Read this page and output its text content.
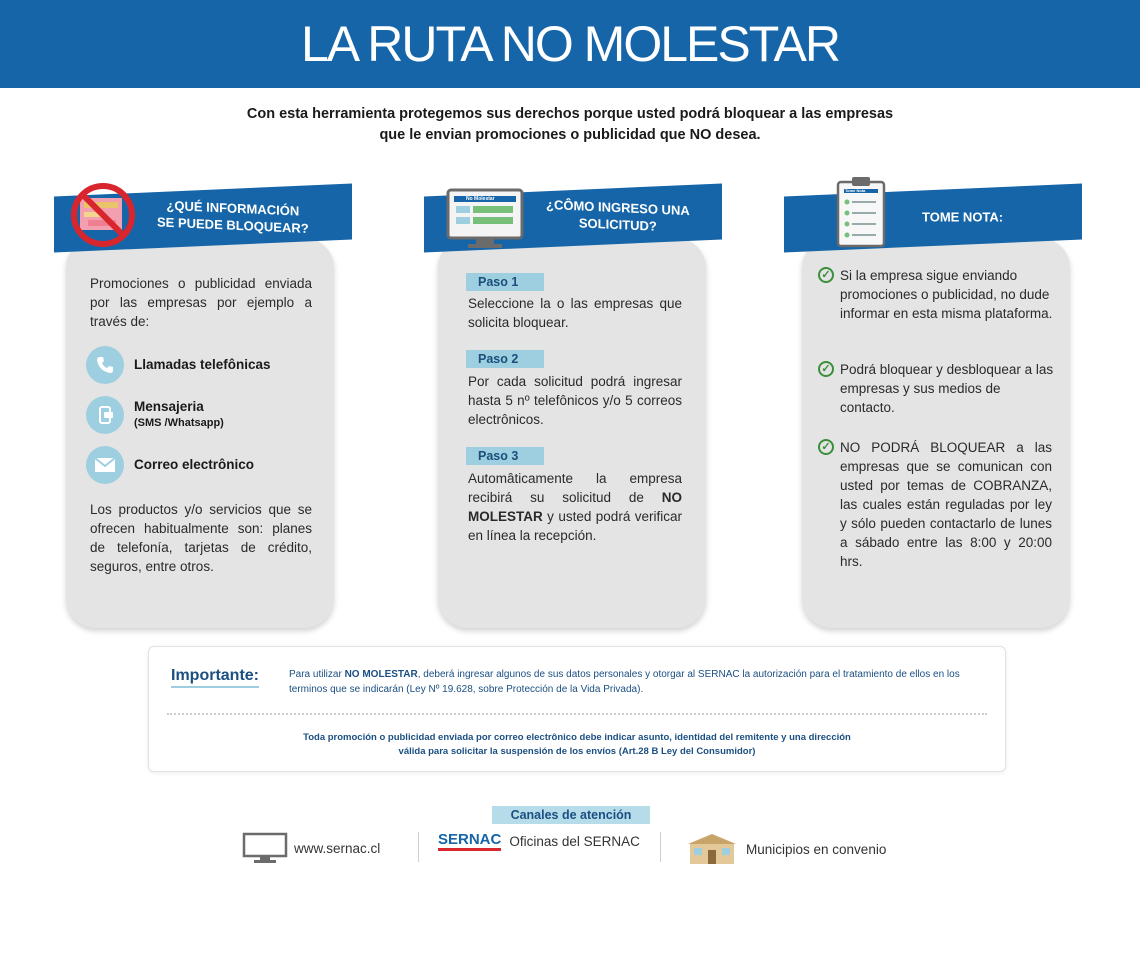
LA RUTA NO MOLESTAR

Con esta herramienta protegemos sus derechos porque usted podrá bloquear a las empresas

que le envian promociones o publicidad que NO desea.

¿QUÉ INFORMACIÓN
SE PUEDE BLOQUEAR?
Promociones o publicidad enviada por las empresas por ejemplo a través de:
Llamadas telefônicas
Mensajeria
(SMS /Whatsapp)
Correo electrônico
Los productos y/o servicios que se ofrecen habitualmente son: planes de telefonía, tarjetas de crédito, seguros, entre otros.
¿CÔMO INGRESO UNA
SOLICITUD?
No Molestar
Paso 1
Seleccione la o las empresas que solicita bloquear.
Paso 2
Por cada solicitud podrá ingresar hasta 5 nº telefônicos y/o 5 correos electrônicos.
Paso 3
Automâticamente la empresa recibirá su solicitud de NO MOLESTAR y usted podrá verificar en línea la recepción.
TOME NOTA:
Tome Nota
✓ Si la empresa sigue enviando promociones o publicidad, no dude informar en esta misma plataforma.
✓ Podrá bloquear y desbloquear a las empresas y sus medios de contacto.
✓ NO PODRÁ BLOQUEAR a las empresas que se comunican con usted por temas de COBRANZA, las cuales están reguladas por ley y sólo pueden contactarlo de lunes a sábado entre las 8:00 y 20:00 hrs.
Importante:	Para utilizar NO MOLESTAR, deberá ingresar algunos de sus datos personales y otorgar al SERNAC la autorización para el tratamiento de ellos en los terminos que se indicarán (Ley Nº 19.628, sobre Protección de la Vida Privada).
Toda promoción o publicidad enviada por correo electrônico debe indicar asunto, identidad del remitente y una dirección
válida para solicitar la suspensión de los envíos (Art.28 B Ley del Consumidor)
Canales de atención
www.sernac.cl	SERNAC Oficinas del SERNAC	Municipios en convenio
